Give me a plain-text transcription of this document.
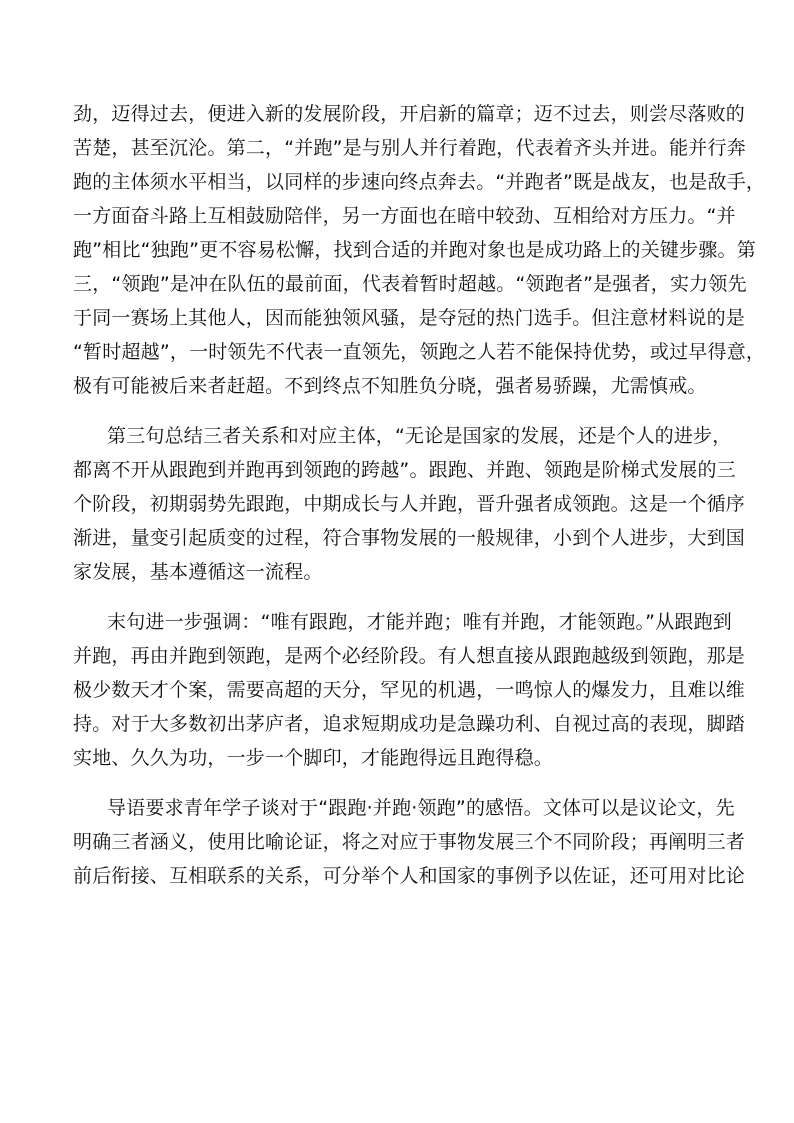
劲，迈得过去，便进入新的发展阶段，开启新的篇章；迈不过去，则尝尽落败的
苦楚，甚至沉沦。第二，“并跑”是与别人并行着跑，代表着齐头并进。能并行奔
跑的主体须水平相当，以同样的步速向终点奔去。“并跑者”既是战友，也是敌手，
一方面奋斗路上互相鼓励陪伴，另一方面也在暗中较劲、互相给对方压力。“并
跑”相比“独跑”更不容易松懈，找到合适的并跑对象也是成功路上的关键步骤。第
三，“领跑”是冲在队伍的最前面，代表着暂时超越。“领跑者”是强者，实力领先
于同一赛场上其他人，因而能独领风骚，是夺冠的热门选手。但注意材料说的是
“暂时超越”，一时领先不代表一直领先，领跑之人若不能保持优势，或过早得意，
极有可能被后来者赶超。不到终点不知胜负分晓，强者易骄躁，尤需慎戒。
第三句总结三者关系和对应主体，“无论是国家的发展，还是个人的进步，
都离不开从跟跑到并跑再到领跑的跨越”。跟跑、并跑、领跑是阶梯式发展的三
个阶段，初期弱势先跟跑，中期成长与人并跑，晋升强者成领跑。这是一个循序
渐进，量变引起质变的过程，符合事物发展的一般规律，小到个人进步，大到国
家发展，基本遵循这一流程。
末句进一步强调：“唯有跟跑，才能并跑；唯有并跑，才能领跑。”从跟跑到
并跑，再由并跑到领跑，是两个必经阶段。有人想直接从跟跑越级到领跑，那是
极少数天才个案，需要高超的天分，罕见的机遇，一鸣惊人的爆发力，且难以维
持。对于大多数初出茅庐者，追求短期成功是急躁功利、自视过高的表现，脚踏
实地、久久为功，一步一个脚印，才能跑得远且跑得稳。
导语要求青年学子谈对于“跟跑·并跑·领跑”的感悟。文体可以是议论文，先
明确三者涵义，使用比喻论证，将之对应于事物发展三个不同阶段；再阐明三者
前后衔接、互相联系的关系，可分举个人和国家的事例予以佐证，还可用对比论
